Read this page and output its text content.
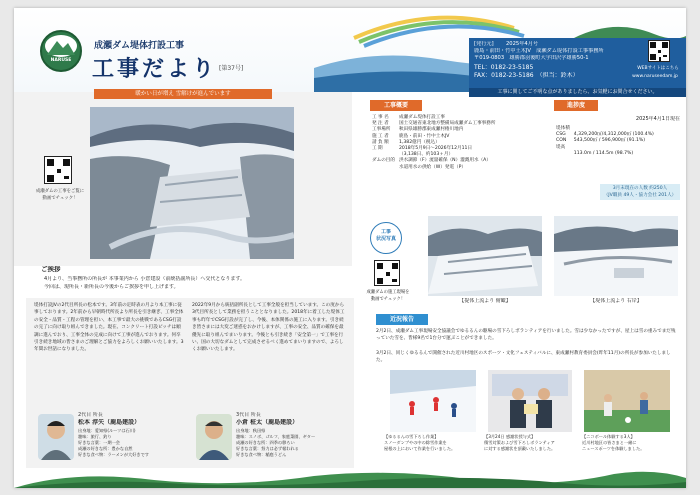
NARUSE
成瀬ダム堤体打設工事
工事だより [第37号]
[発行元] 2025年4月号
鹿島・前田・竹中土木JV　成瀬ダム堤体打設工事事務所
〒019-0803　雄勝郡羽後町大字田沢字雄勝50-1
TEL：0182-23-5185
FAX：0182-23-5186　（担当：鈴木）
WEBサイトはこちら
www.naruseedam.jp
工事に関してご不明な点がありましたら、お気軽にお問合せください。
暖かい日が増え 雪解けが進んでいます
成瀬ダムの工事をご覧に
動画でチェック！
ご挨拶
4月より、当事務所の所長が 本事業内から 小倉建設（前統括副所長）へ交代となります。
今回は、現所長・新所長の今後からご挨拶を申し上げます。
堤体打設JVの2代目所長の松本です。3年前の定時表の月より本工事に従事しております。2年前から早朝時代所長より所長を引き継ぎ、工事全体の安全・品質・工程の管理を担い、本工事で最大の挑戦であるCSG打設の完了に向け取り組んできました。現在、コンクリート打設ピッチは順調に進んでおり、工事全体の完成に向けて工事が進んでおります。何卒引き続き地域の皆さまのご理解とご協力をよろしくお願いいたします。3年間お世話になりました。
2022年9月から統括副所長として工事全般を担当しています。この度から3代目所長として業務を担うこととなりました。2018年に着工した堤体工事も昨年でCSG打設が完了し、今後、本体関係の施工に入ります。引き続き皆さまには大変ご迷惑をおかけしますが、工事の安全、品質の確保を最優先に取り組んでまいります。今後とも引き続き「安全第一」で工事を行い、国の大切なダムとして完成させるべく進めてまいりますので、よろしくお願いいたします。
2代目 所長
松本 淳矢（鹿島建設）
出身地：愛知県(ルーツは石川)
趣味：旅行、釣り
好きな言葉：一期一会
成瀬の好きな所：豊かな自然
好きな食べ物：ラーメンが大好きです
3代目 所長
小倉 柾太（鹿島建設）
出身地：秋田県
趣味：スノボ、ゴルフ、家庭菜園、ギター
成瀬の好きな所：四季の移ろい
好きな言葉：努力は必ず報われる
好きな食べ物：稲庭うどん
工事概要	進捗度
2025年4月1日現在
工 事 名	成瀬ダム堤体打設工事
発 注 者	国土交通省東北地方整備局成瀬ダム工事事務所
工事場所	秋田県雄勝郡東成瀬村椿川地内
施 工 者	鹿島・前田・竹中土木JV
請 負 額	1,382億円（税込）
工 期	2018年5月9日〜2026年12月11日
	（3,138日、約103ヶ月）
ダムの目的	洪水調節（F）流量確保（N）灌漑用水（A）
	水道用水の供給（W）発電（P）
堤体積	
CSG	4,329,200㎥/4,312,000㎥ (100.4%)
CON	543,500㎥ / 596,900㎥ (91.1%)
堤高	
	113.0m / 114.5m (98.7%)
3月末現在の人数 約250人
（JV職員 49人・協力会社 201人）
工事
状況写真
成瀬ダムの施工現場を
動画でチェック！	【提体上流より 俯瞰】	【堤体上流より 右岸】
近況報告
2月2日、成瀬ダム工事現場安全協議会でゆるるんの駆場の雪下ろしボランティアを行いました。雪は少なかったですが、屋上は雪の重みでまだ残っていた雪を、皆様9名で1台分で運ぶことができました。
3月2日、同じくゆるるんで開催された近川村地区のスポーツ・文化フェスティバルに、東成瀬村教育委員会(昨年11月)の所長が参加いたしました。
【ゆるるんの雪下ろし作業】
スノーダンプやの中の除雪作業を
屋根の上において作業を行いました。
【3月24日 感謝状授与式】
積雪対策および雪下ろしボランティア
に対する感謝状を頂戴いたしました。
【ニコボール体験する3人】
近川村地区の皆さまと一緒に
ニュースポーツを体験しました。
